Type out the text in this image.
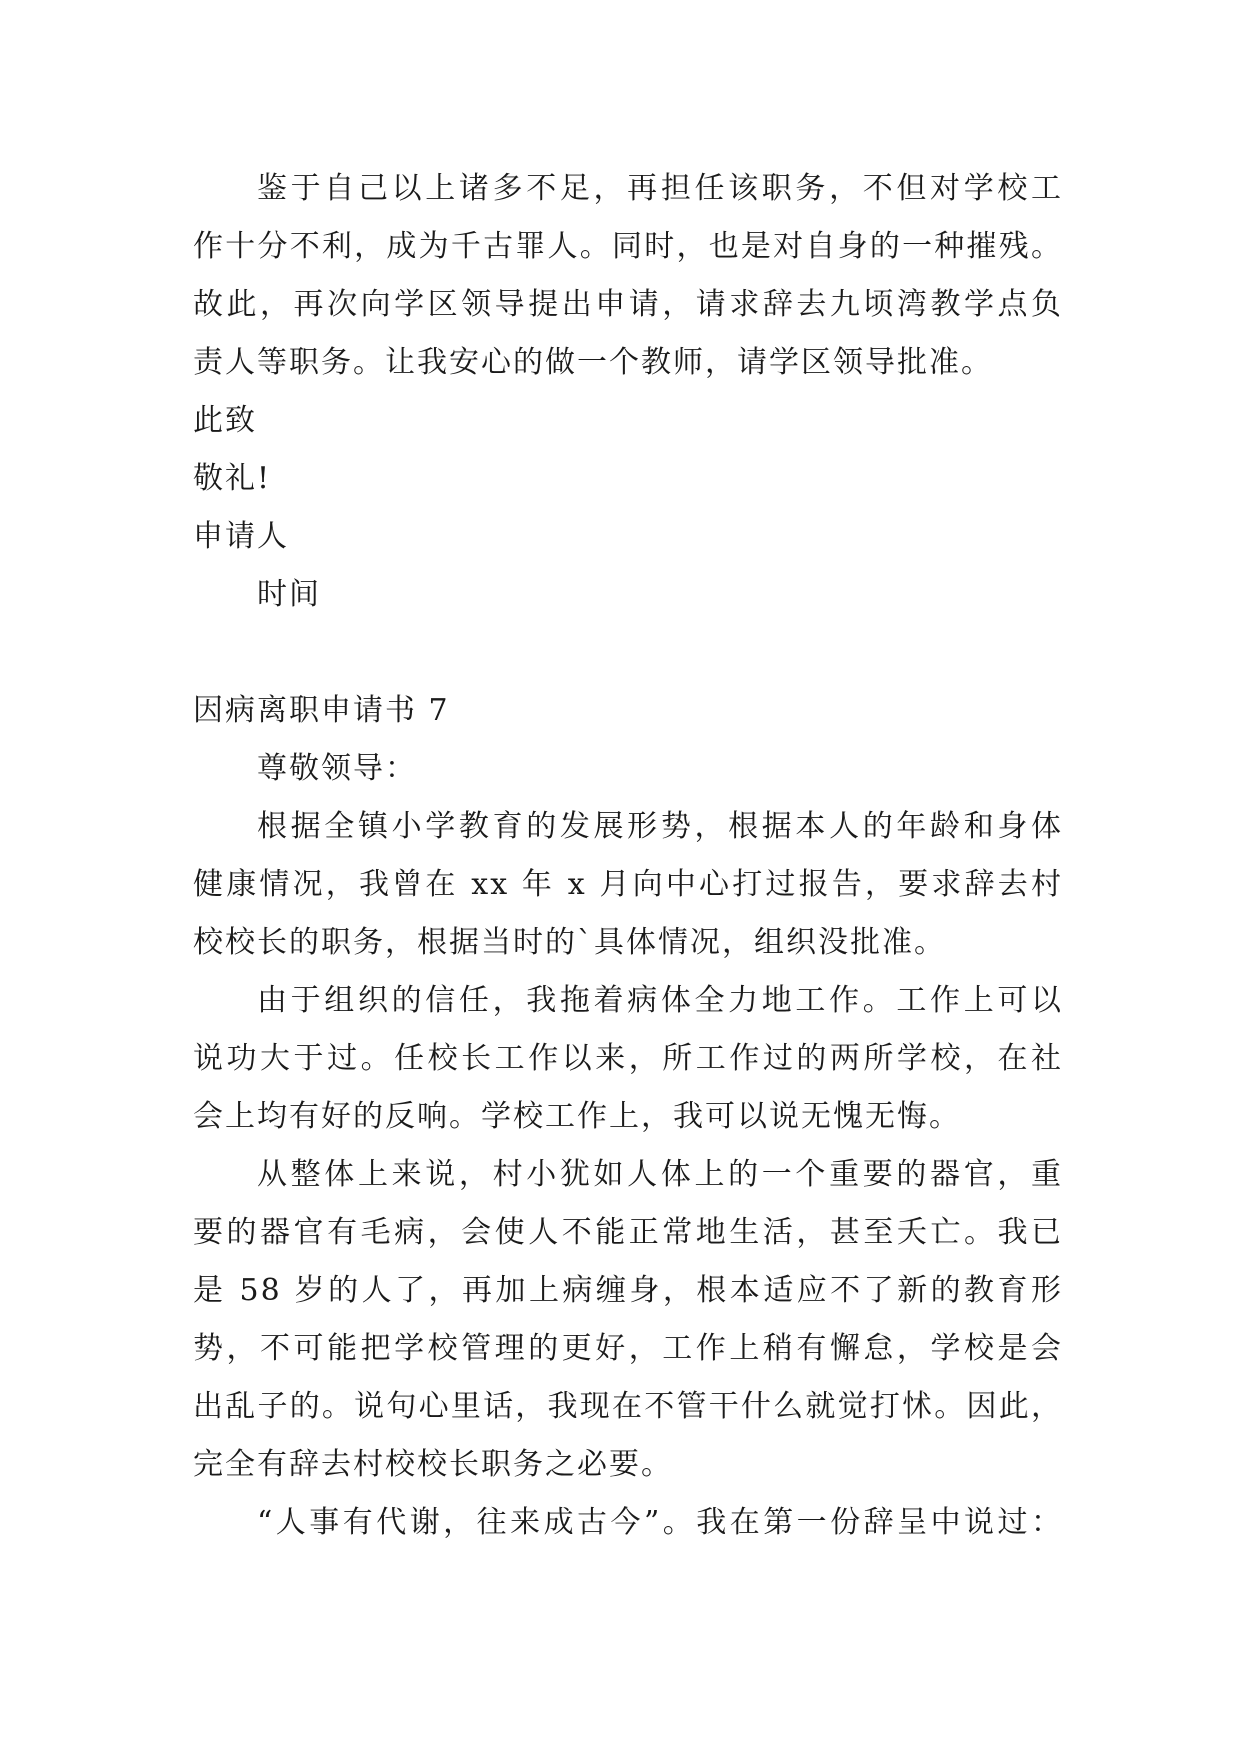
鉴于自己以上诸多不足，再担任该职务，不但对学校工
作十分不利，成为千古罪人。同时，也是对自身的一种摧残。
故此，再次向学区领导提出申请，请求辞去九顷湾教学点负
责人等职务。让我安心的做一个教师，请学区领导批准。
此致
敬礼!
申请人
时间
因病离职申请书 7
尊敬领导：
根据全镇小学教育的发展形势，根据本人的年龄和身体
健康情况，我曾在 xx 年 x 月向中心打过报告，要求辞去村
校校长的职务，根据当时的`具体情况，组织没批准。
由于组织的信任，我拖着病体全力地工作。工作上可以
说功大于过。任校长工作以来，所工作过的两所学校，在社
会上均有好的反响。学校工作上，我可以说无愧无悔。
从整体上来说，村小犹如人体上的一个重要的器官，重
要的器官有毛病，会使人不能正常地生活，甚至夭亡。我已
是 58 岁的人了，再加上病缠身，根本适应不了新的教育形
势，不可能把学校管理的更好，工作上稍有懈怠，学校是会
出乱子的。说句心里话，我现在不管干什么就觉打怵。因此，
完全有辞去村校校长职务之必要。
“人事有代谢，往来成古今”。我在第一份辞呈中说过：
